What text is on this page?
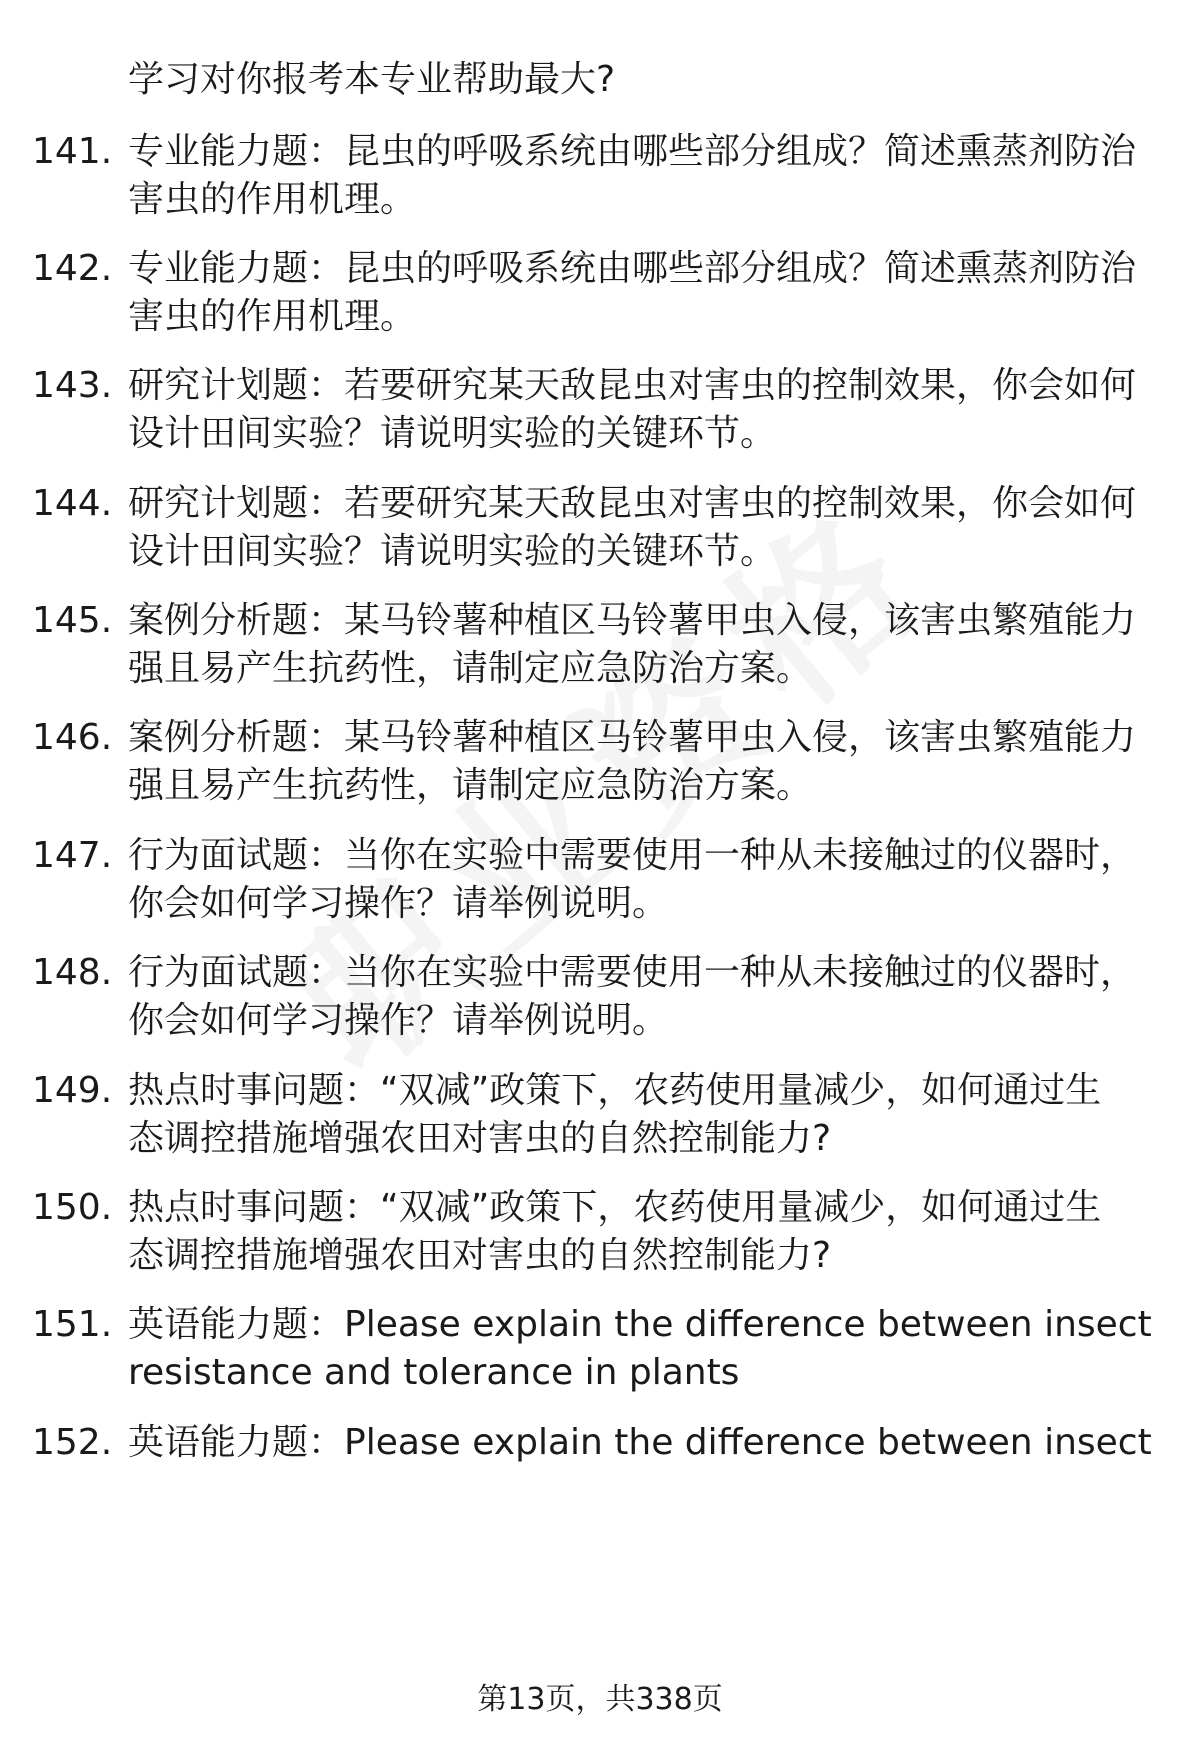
学习对你报考本专业帮助最大?
141. 专业能力题：昆虫的呼吸系统由哪些部分组成？简述熏蒸剂防治
害虫的作用机理。
142. 专业能力题：昆虫的呼吸系统由哪些部分组成？简述熏蒸剂防治
害虫的作用机理。
143. 研究计划题：若要研究某天敌昆虫对害虫的控制效果，你会如何
设计田间实验？请说明实验的关键环节。
144. 研究计划题：若要研究某天敌昆虫对害虫的控制效果，你会如何
设计田间实验？请说明实验的关键环节。
145. 案例分析题：某马铃薯种植区马铃薯甲虫入侵，该害虫繁殖能力
强且易产生抗药性，请制定应急防治方案。
146. 案例分析题：某马铃薯种植区马铃薯甲虫入侵，该害虫繁殖能力
强且易产生抗药性，请制定应急防治方案。
147. 行为面试题：当你在实验中需要使用一种从未接触过的仪器时，
你会如何学习操作？请举例说明。
148. 行为面试题：当你在实验中需要使用一种从未接触过的仪器时，
你会如何学习操作？请举例说明。
149. 热点时事问题：“双减”政策下，农药使用量减少，如何通过生
态调控措施增强农田对害虫的自然控制能力?
150. 热点时事问题：“双减”政策下，农药使用量减少，如何通过生
态调控措施增强农田对害虫的自然控制能力?
151. 英语能力题：Please explain the difference between insect
resistance and tolerance in plants
152. 英语能力题：Please explain the difference between insect
第13页，共338页
